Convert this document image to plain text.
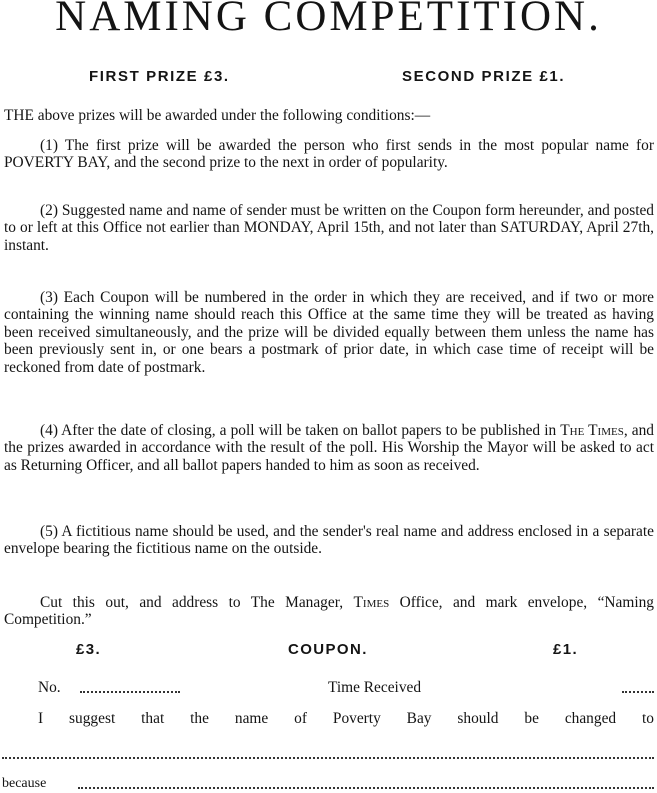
NAMING COMPETITION.
FIRST PRIZE £3.	SECOND PRIZE £1.

THE above prizes will be awarded under the following conditions:—

(1) The first prize will be awarded the person who first sends in the most popular name for POVERTY BAY, and the second prize to the next in order of popularity.

(2) Suggested name and name of sender must be written on the Coupon form hereunder, and posted to or left at this Office not earlier than MONDAY, April 15th, and not later than SATURDAY, April 27th, instant.

(3) Each Coupon will be numbered in the order in which they are received, and if two or more containing the winning name should reach this Office at the same time they will be treated as having been received simultaneously, and the prize will be divided equally between them unless the name has been previously sent in, or one bears a postmark of prior date, in which case time of receipt will be reckoned from date of postmark.

(4) After the date of closing, a poll will be taken on ballot papers to be published in The Times, and the prizes awarded in accordance with the result of the poll. His Worship the Mayor will be asked to act as Returning Officer, and all ballot papers handed to him as soon as received.

(5) A fictitious name should be used, and the sender's real name and address enclosed in a separate envelope bearing the fictitious name on the outside.

Cut this out, and address to The Manager, Times Office, and mark envelope, “Naming Competition.”

£3.	COUPON.	£1.
No.	Time Received

I suggest that the name of Poverty Bay should be changed to

because
